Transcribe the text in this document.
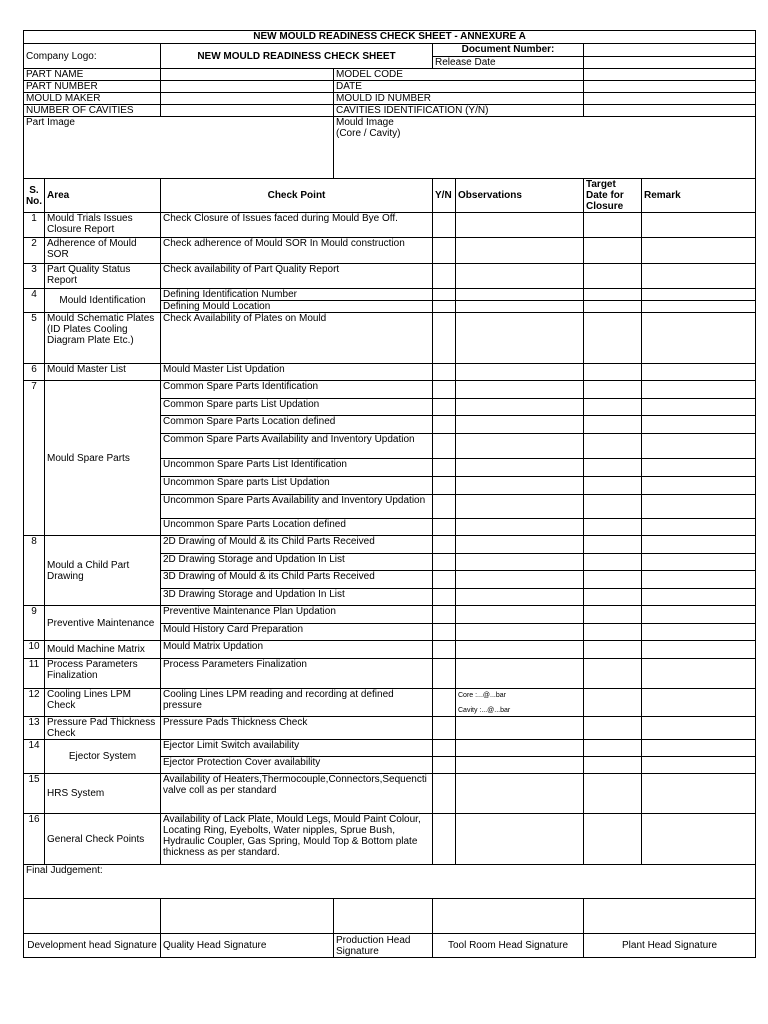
NEW MOULD READINESS CHECK SHEET - ANNEXURE A							
Company Logo:		NEW MOULD READINESS CHECK SHEET		Document Number:			
				Release Date			
PART NAME			MODEL CODE				
PART NUMBER			DATE				
MOULD MAKER			MOULD ID NUMBER				
NUMBER OF CAVITIES			CAVITIES IDENTIFICATION (Y/N)				
Part Image			Mould Image
(Core / Cavity)				

S. No.	Area	Check Point		Y/N	Observations	Target Date for Closure	Remark
1	Mould Trials Issues Closure Report	Check Closure of Issues faced during Mould Bye Off.					
2	Adherence of Mould SOR	Check adherence of Mould SOR In Mould construction					
3	Part Quality Status Report	Check availability of Part Quality Report					
4	Mould Identification	Defining Identification Number					
		Defining Mould Location					
5	Mould Schematic Plates (ID Plates Cooling Diagram Plate Etc.)	Check Availability of Plates on Mould					
6	Mould Master List	Mould Master List Updation					
7	Mould Spare Parts	Common Spare Parts Identification					
		Common Spare parts List Updation					
		Common Spare Parts Location defined					
		Common Spare Parts Availability and Inventory Updation					
		Uncommon Spare Parts List Identification					
		Uncommon Spare parts List Updation					
		Uncommon Spare Parts Availability and Inventory Updation					
		Uncommon Spare Parts Location defined					
8	Mould a Child Part Drawing	2D Drawing of Mould & its Child Parts Received					
		2D Drawing Storage and Updation In List					
		3D Drawing of Mould & its Child Parts Received					
		3D Drawing Storage and Updation In List					
9	Preventive Maintenance	Preventive Maintenance Plan Updation					
		Mould History Card Preparation					
10	Mould Machine Matrix	Mould Matrix Updation					
11	Process Parameters Finalization	Process Parameters Finalization					
12	Cooling Lines LPM Check	Cooling Lines LPM reading and recording at defined pressure			Core :...@...bar
Cavity :...@...bar		

13	Pressure Pad Thickness Check	Pressure Pads Thickness Check					
14	Ejector System	Ejector Limit Switch availability					
		Ejector Protection Cover availability					
15	HRS System	Availability of Heaters,Thermocouple,Connectors,Sequencti valve coll as per standard					
16	General Check Points	Availability of Lack Plate, Mould Legs, Mould Paint Colour, Locating Ring, Eyebolts, Water nipples, Sprue Bush, Hydraulic Coupler, Gas Spring, Mould Top & Bottom plate thickness as per standard.					
Final Judgement:							

Development head Signature		Quality Head Signature	Production Head Signature	Tool Room Head Signature		Plant Head Signature	
